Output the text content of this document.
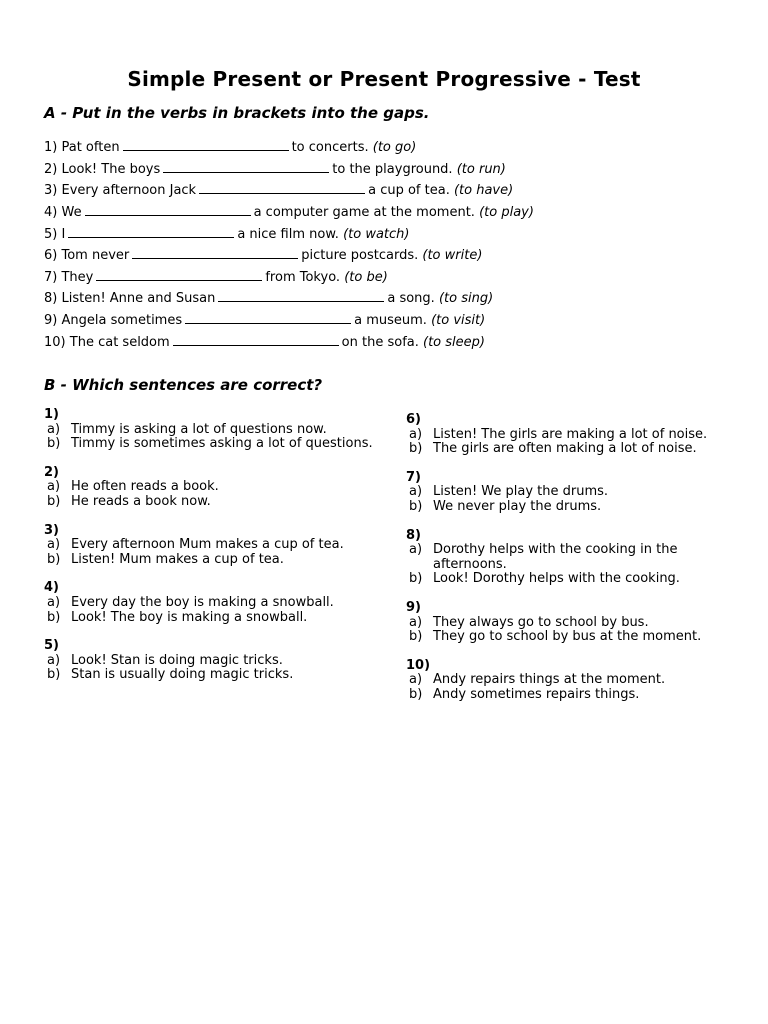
Simple Present or Present Progressive - Test
A - Put in the verbs in brackets into the gaps.
1) Pat often	to concerts. (to go)
2) Look! The boys	to the playground. (to run)
3) Every afternoon Jack	a cup of tea. (to have)
4) We	a computer game at the moment. (to play)
5) I	a nice film now. (to watch)
6) Tom never	picture postcards. (to write)
7) They	from Tokyo. (to be)
8) Listen! Anne and Susan	a song. (to sing)
9) Angela sometimes	a museum. (to visit)
10) The cat seldom	on the sofa. (to sleep)
B - Which sentences are correct?
1)
a) Timmy is asking a lot of questions now.
b) Timmy is sometimes asking a lot of questions.
2)
a) He often reads a book.
b) He reads a book now.
3)
a) Every afternoon Mum makes a cup of tea.
b) Listen! Mum makes a cup of tea.
4)
a) Every day the boy is making a snowball.
b) Look! The boy is making a snowball.
5)
a) Look! Stan is doing magic tricks.
b) Stan is usually doing magic tricks.
6)
a) Listen! The girls are making a lot of noise.
b) The girls are often making a lot of noise.
7)
a) Listen! We play the drums.
b) We never play the drums.
8)
a) Dorothy helps with the cooking in the afternoons.
b) Look! Dorothy helps with the cooking.
9)
a) They always go to school by bus.
b) They go to school by bus at the moment.
10)
a) Andy repairs things at the moment.
b) Andy sometimes repairs things.
